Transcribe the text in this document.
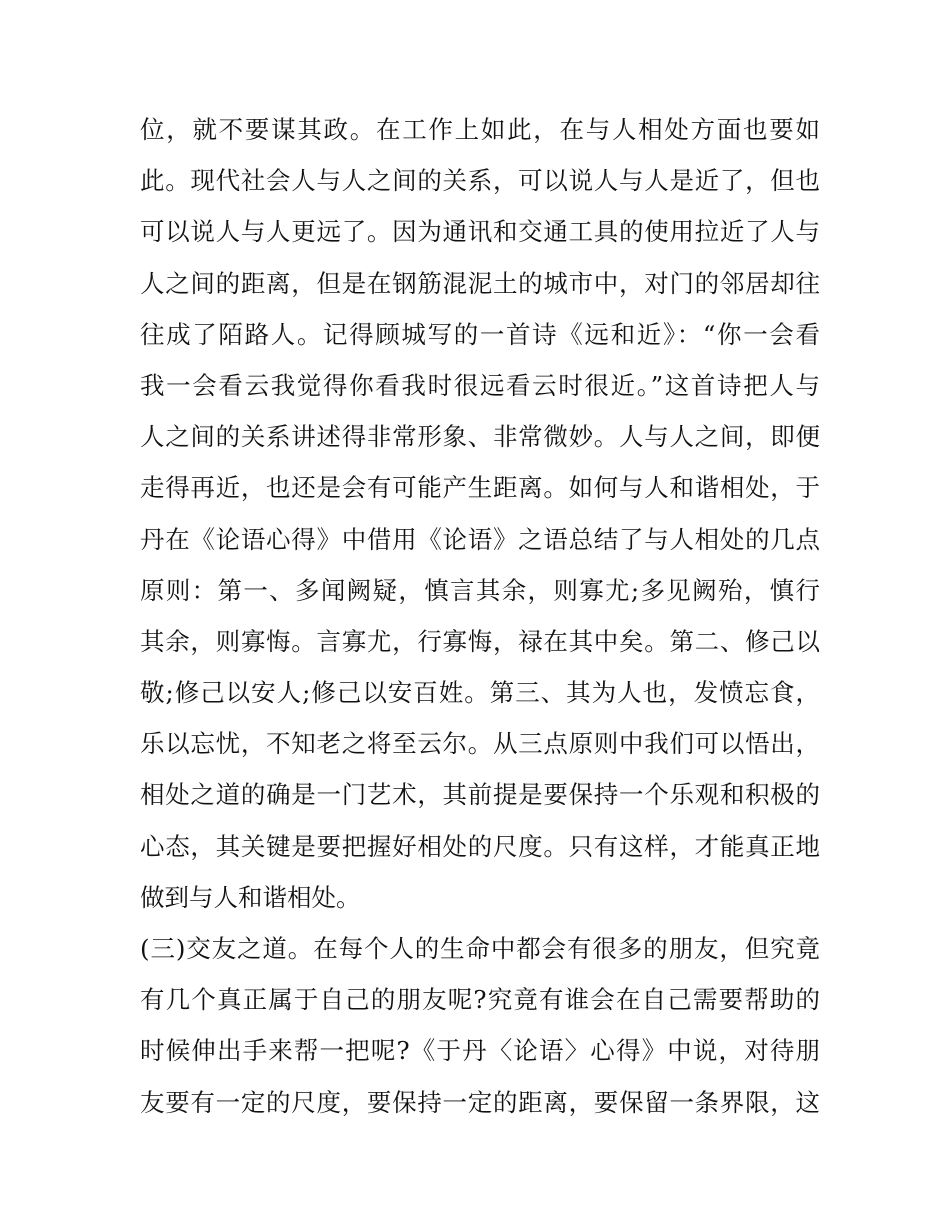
位，就不要谋其政。在工作上如此，在与人相处方面也要如
此。现代社会人与人之间的关系，可以说人与人是近了，但也
可以说人与人更远了。因为通讯和交通工具的使用拉近了人与
人之间的距离，但是在钢筋混泥土的城市中，对门的邻居却往
往成了陌路人。记得顾城写的一首诗《远和近》：“你一会看
我一会看云我觉得你看我时很远看云时很近。”这首诗把人与
人之间的关系讲述得非常形象、非常微妙。人与人之间，即便
走得再近，也还是会有可能产生距离。如何与人和谐相处，于
丹在《论语心得》中借用《论语》之语总结了与人相处的几点
原则：第一、多闻阙疑，慎言其余，则寡尤;多见阙殆，慎行
其余，则寡悔。言寡尤，行寡悔，禄在其中矣。第二、修己以
敬;修己以安人;修己以安百姓。第三、其为人也，发愤忘食，
乐以忘忧，不知老之将至云尔。从三点原则中我们可以悟出，
相处之道的确是一门艺术，其前提是要保持一个乐观和积极的
心态，其关键是要把握好相处的尺度。只有这样，才能真正地
做到与人和谐相处。
(三)交友之道。在每个人的生命中都会有很多的朋友，但究竟
有几个真正属于自己的朋友呢?究竟有谁会在自己需要帮助的
时候伸出手来帮一把呢?《于丹〈论语〉心得》中说，对待朋
友要有一定的尺度，要保持一定的距离，要保留一条界限，这
